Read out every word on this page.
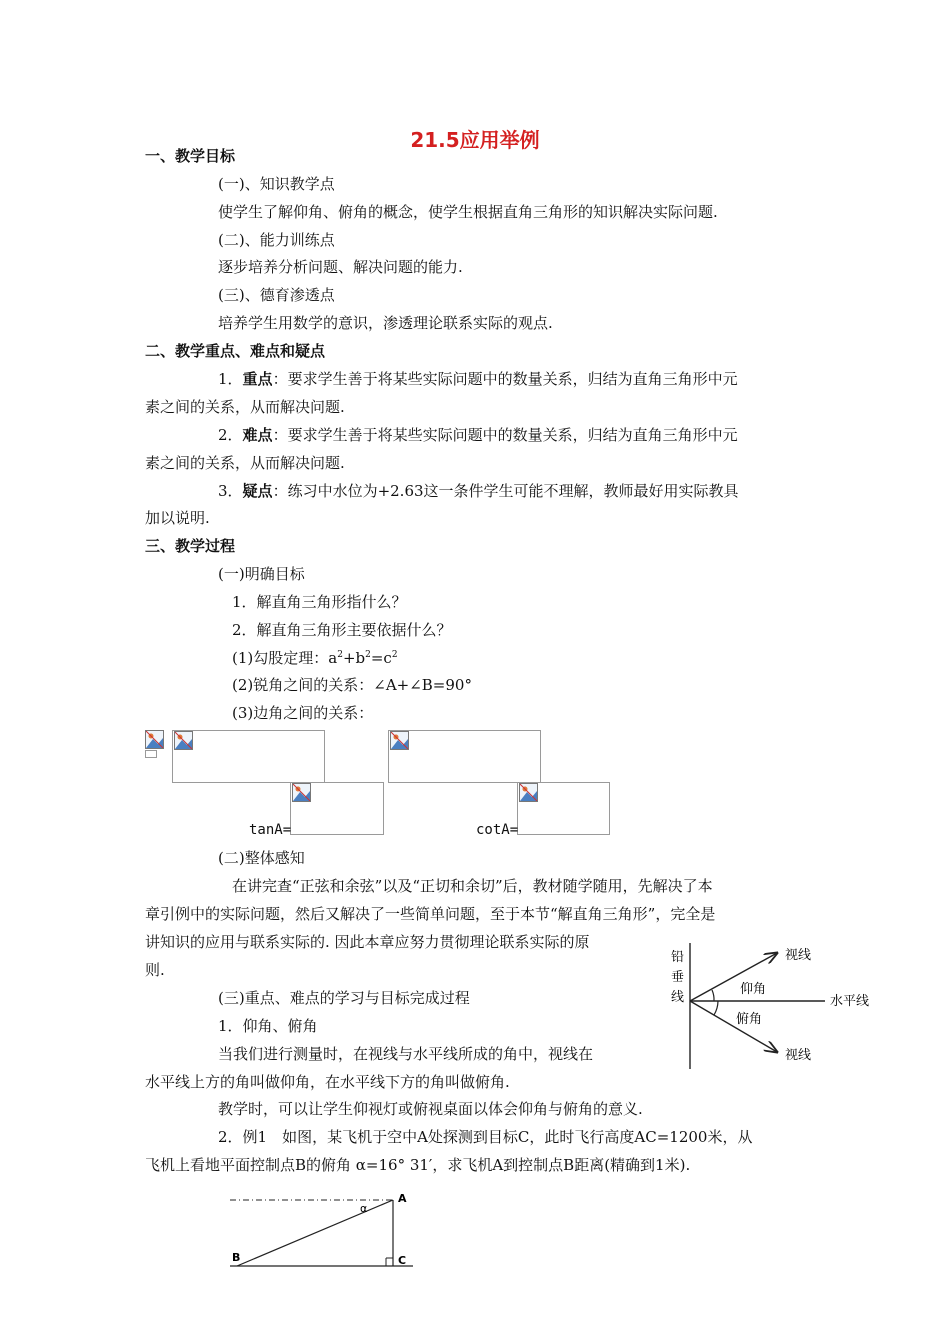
21.5应用举例
一、教学目标
(一)、知识教学点
使学生了解仰角、俯角的概念，使学生根据直角三角形的知识解决实际问题.
(二)、能力训练点
逐步培养分析问题、解决问题的能力.
(三)、德育渗透点
培养学生用数学的意识，渗透理论联系实际的观点.
二、教学重点、难点和疑点
1．重点：要求学生善于将某些实际问题中的数量关系，归结为直角三角形中元
素之间的关系，从而解决问题.
2．难点：要求学生善于将某些实际问题中的数量关系，归结为直角三角形中元
素之间的关系，从而解决问题.
3．疑点：练习中水位为+2.63这一条件学生可能不理解，教师最好用实际教具
加以说明.
三、教学过程
(一)明确目标
1．解直角三角形指什么？
2．解直角三角形主要依据什么？
(1)勾股定理：$a^2+b^2=c^2$
(2)锐角之间的关系：∠A+∠B=90°
(3)边角之间的关系：
tanA=	cotA=
(二)整体感知
在讲完查“正弦和余弦”以及“正切和余切”后，教材随学随用，先解决了本
章引例中的实际问题，然后又解决了一些简单问题，至于本节“解直角三角形”，完全是
讲知识的应用与联系实际的. 因此本章应努力贯彻理论联系实际的原
则.
(三)重点、难点的学习与目标完成过程
1．仰角、俯角
当我们进行测量时，在视线与水平线所成的角中，视线在
水平线上方的角叫做仰角，在水平线下方的角叫做俯角.
教学时，可以让学生仰视灯或俯视桌面以体会仰角与俯角的意义.
2．例1　如图，某飞机于空中A处探测到目标C，此时飞行高度AC=1200米，从
飞机上看地平面控制点B的俯角 α=16° 31′，求飞机A到控制点B距离(精确到1米).
铅
垂
线
视线
仰角
水平线
俯角
视线
A
B	C
α
